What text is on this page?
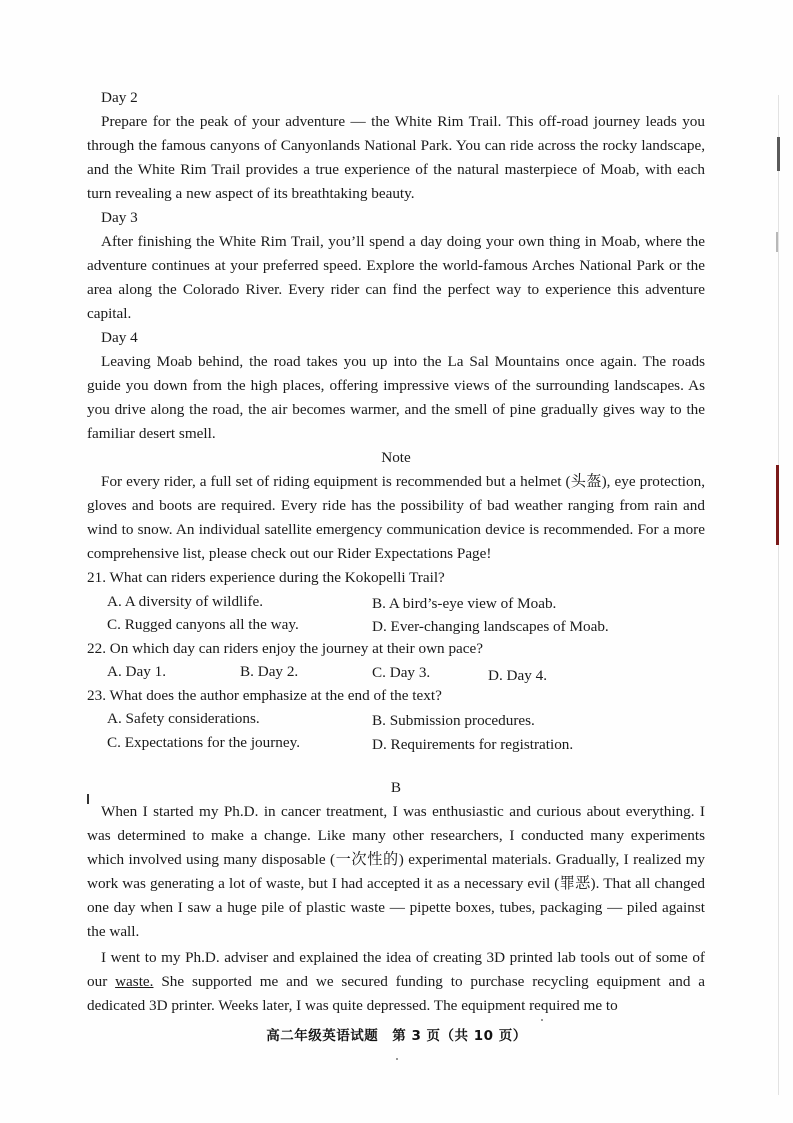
Day 2

Prepare for the peak of your adventure — the White Rim Trail. This off-road journey leads you through the famous canyons of Canyonlands National Park. You can ride across the rocky landscape, and the White Rim Trail provides a true experience of the natural masterpiece of Moab, with each turn revealing a new aspect of its breathtaking beauty.

Day 3

After finishing the White Rim Trail, you’ll spend a day doing your own thing in Moab, where the adventure continues at your preferred speed. Explore the world-famous Arches National Park or the area along the Colorado River. Every rider can find the perfect way to experience this adventure capital.

Day 4

Leaving Moab behind, the road takes you up into the La Sal Mountains once again. The roads guide you down from the high places, offering impressive views of the surrounding landscapes. As you drive along the road, the air becomes warmer, and the smell of pine gradually gives way to the familiar desert smell.

Note

For every rider, a full set of riding equipment is recommended but a helmet (头盔), eye protection, gloves and boots are required. Every ride has the possibility of bad weather ranging from rain and wind to snow. An individual satellite emergency communication device is recommended. For a more comprehensive list, please check out our Rider Expectations Page!

21. What can riders experience during the Kokopelli Trail?
A. A diversity of wildlife.	B. A bird’s-eye view of Moab.
C. Rugged canyons all the way.	D. Ever-changing landscapes of Moab.
22. On which day can riders enjoy the journey at their own pace?
A. Day 1.	B. Day 2.	C. Day 3.	D. Day 4.
23. What does the author emphasize at the end of the text?
A. Safety considerations.	B. Submission procedures.
C. Expectations for the journey.	D. Requirements for registration.
B

When I started my Ph.D. in cancer treatment, I was enthusiastic and curious about everything. I was determined to make a change. Like many other researchers, I conducted many experiments which involved using many disposable (一次性的) experimental materials. Gradually, I realized my work was generating a lot of waste, but I had accepted it as a necessary evil (罪恶). That all changed one day when I saw a huge pile of plastic waste — pipette boxes, tubes, packaging — piled against the wall.

I went to my Ph.D. adviser and explained the idea of creating 3D printed lab tools out of some of our waste. She supported me and we secured funding to purchase recycling equipment and a dedicated 3D printer. Weeks later, I was quite depressed. The equipment required me to

高二年级英语试题　第 3 页（共 10 页）
